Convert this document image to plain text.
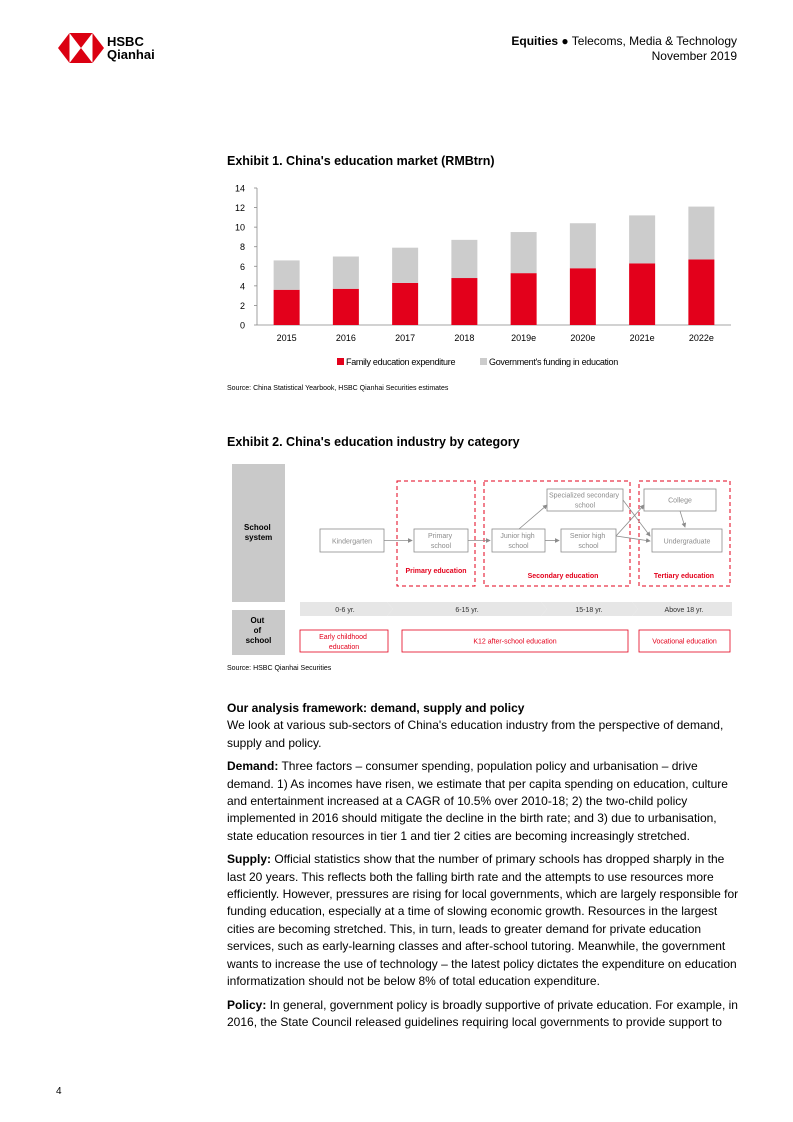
HSBC
Qianhai
Equities ● Telecoms, Media & Technology
November 2019
Exhibit 1. China's education market (RMBtrn)
0
2
4
6
8
10
12
14
2015	2016	2017	2018	2019e	2020e	2021e	2022e
Family education expenditure	Government's funding in education
Source: China Statistical Yearbook, HSBC Qianhai Securities estimates
Exhibit 2. China's education industry by category
School system
Out of school
Kindergarten
Primary school
Junior high school
Senior high school
Specialized secondary school
College
Undergraduate
Primary education
Secondary education	Tertiary education
0-6 yr.	6-15 yr.	15-18 yr.	Above 18 yr.
Early childhood education
K12 after-school education	Vocational education
Source: HSBC Qianhai Securities
Our analysis framework: demand, supply and policy

We look at various sub-sectors of China's education industry from the perspective of demand, supply and policy.

Demand: Three factors – consumer spending, population policy and urbanisation – drive demand. 1) As incomes have risen, we estimate that per capita spending on education, culture and entertainment increased at a CAGR of 10.5% over 2010-18; 2) the two-child policy implemented in 2016 should mitigate the decline in the birth rate; and 3) due to urbanisation, state education resources in tier 1 and tier 2 cities are becoming increasingly stretched.

Supply: Official statistics show that the number of primary schools has dropped sharply in the last 20 years. This reflects both the falling birth rate and the attempts to use resources more efficiently. However, pressures are rising for local governments, which are largely responsible for funding education, especially at a time of slowing economic growth. Resources in the largest cities are becoming stretched. This, in turn, leads to greater demand for private education services, such as early-learning classes and after-school tutoring. Meanwhile, the government wants to increase the use of technology – the latest policy dictates the expenditure on education informatization should not be below 8% of total education expenditure.

Policy: In general, government policy is broadly supportive of private education. For example, in 2016, the State Council released guidelines requiring local governments to provide support to

4
